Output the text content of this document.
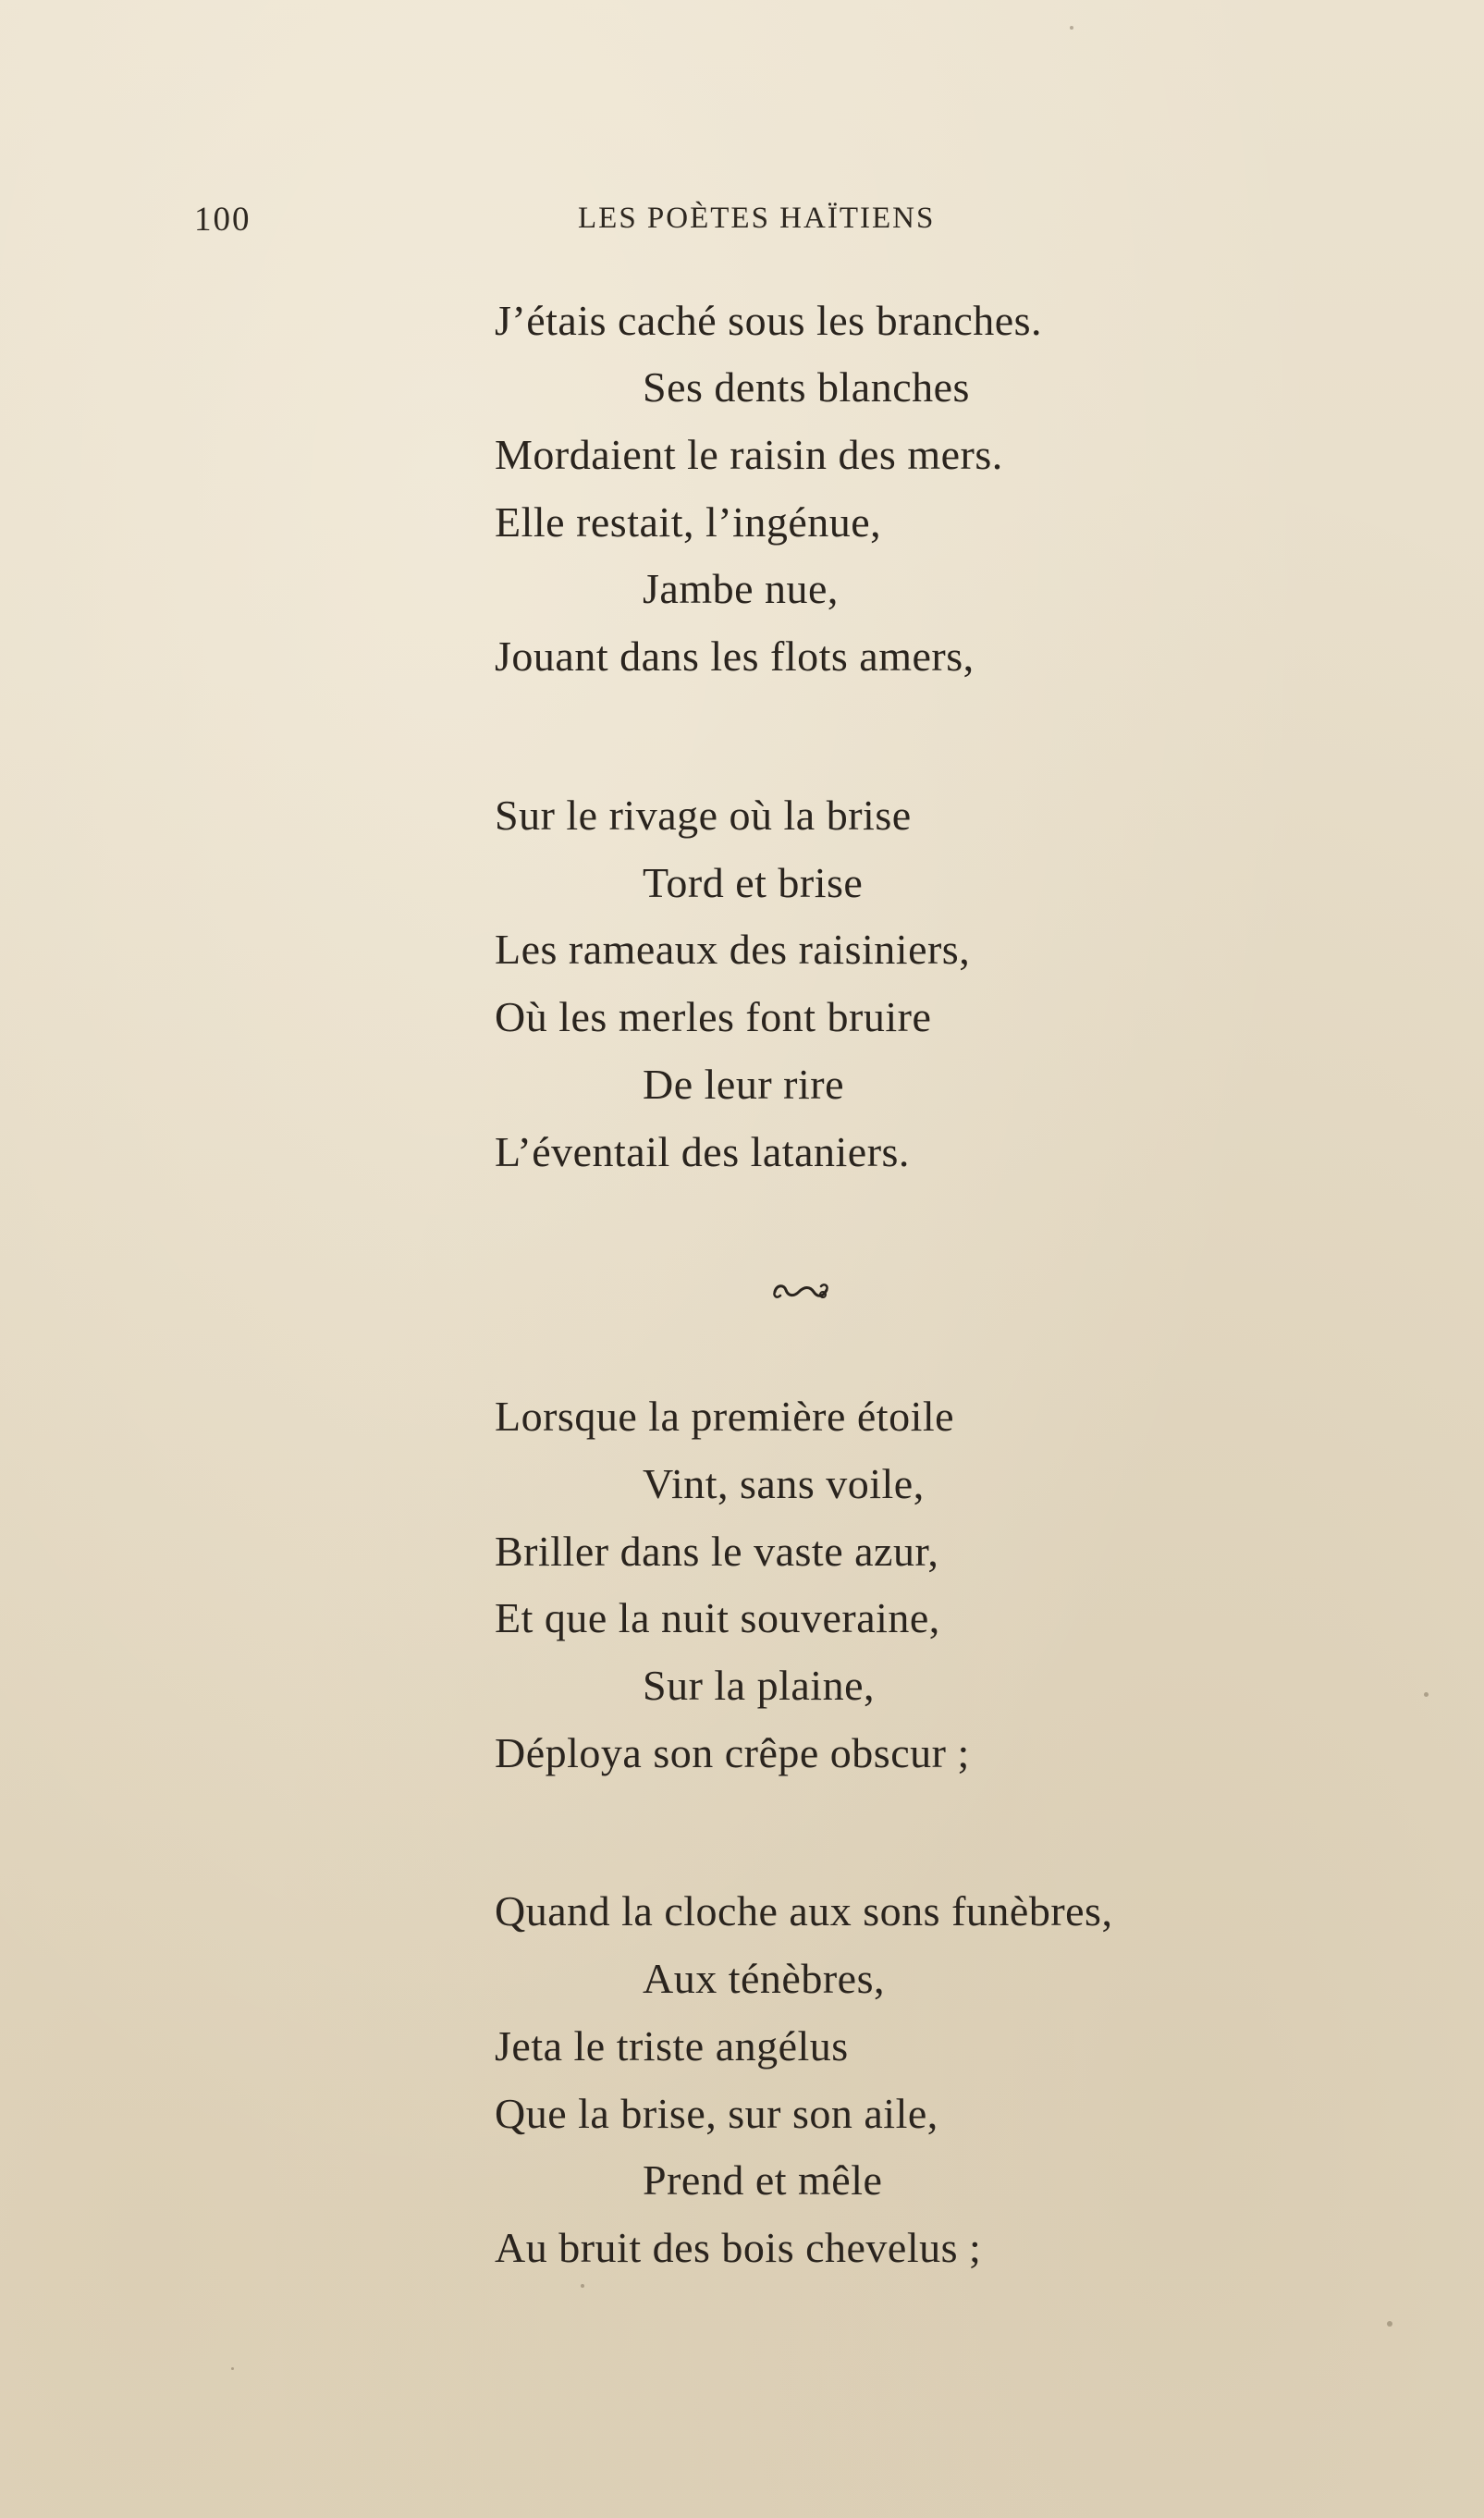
100	LES POÈTES HAÏTIENS
J’étais caché sous les branches.
Ses dents blanches
Mordaient le raisin des mers.
Elle restait, l’ingénue,
Jambe nue,
Jouant dans les flots amers,
Sur le rivage où la brise
Tord et brise
Les rameaux des raisiniers,
Où les merles font bruire
De leur rire
L’éventail des lataniers.
Lorsque la première étoile
Vint, sans voile,
Briller dans le vaste azur,
Et que la nuit souveraine,
Sur la plaine,
Déploya son crêpe obscur ;
Quand la cloche aux sons funèbres,
Aux ténèbres,
Jeta le triste angélus
Que la brise, sur son aile,
Prend et mêle
Au bruit des bois chevelus ;
